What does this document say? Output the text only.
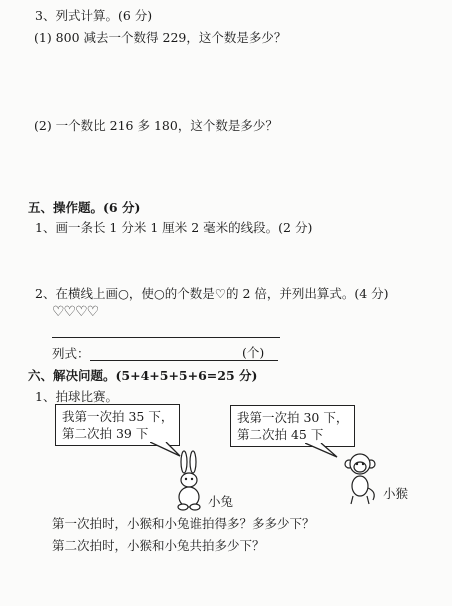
3、列式计算。(6 分)
(1) 800 减去一个数得 229，这个数是多少？
(2) 一个数比 216 多 180，这个数是多少？
五、操作题。(6 分)
1、画一条长 1 分米 1 厘米 2 毫米的线段。(2 分)
2、在横线上画○，使○的个数是♡的 2 倍，并列出算式。(4 分)
♡♡♡♡
列式：	(个)
六、解决问题。(5+4+5+5+6=25 分)
1、拍球比赛。
我第一次拍 35 下，
第二次拍 39 下
我第一次拍 30 下，
第二次拍 45 下
小兔
小猴
第一次拍时，小猴和小兔谁拍得多？多多少下？
第二次拍时，小猴和小兔共拍多少下？
